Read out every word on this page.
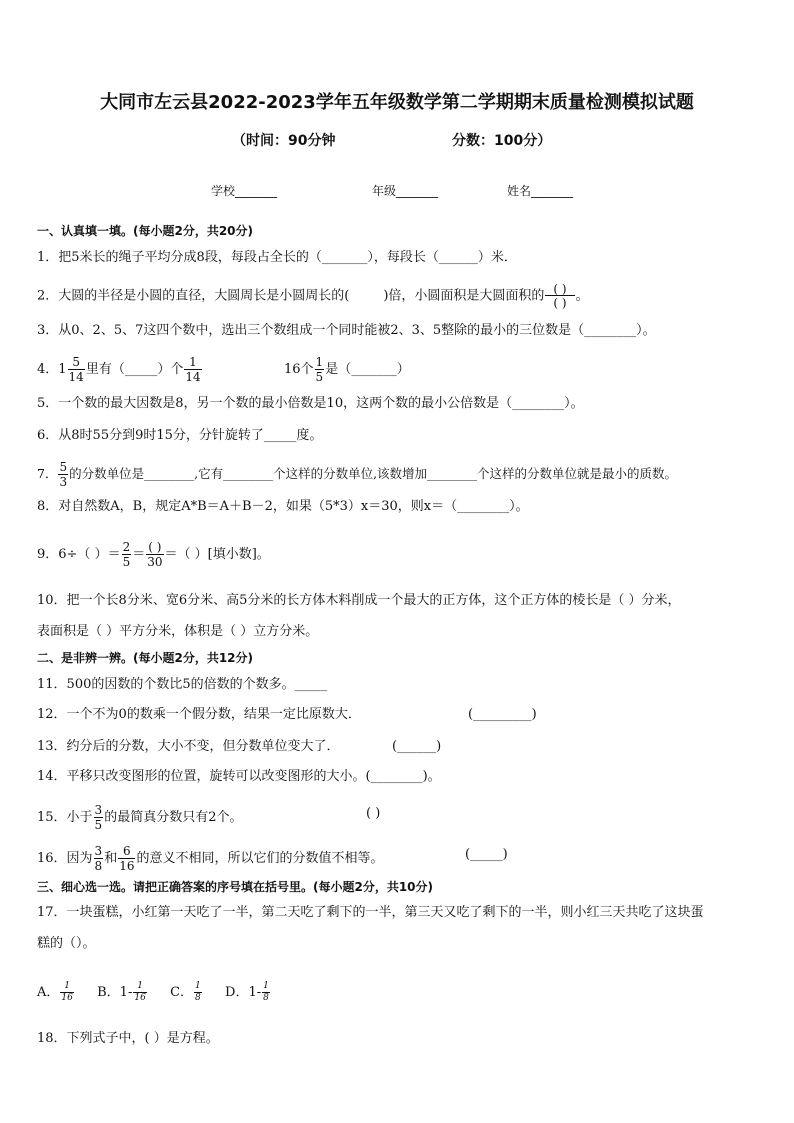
大同市左云县2022-2023学年五年级数学第二学期期末质量检测模拟试题
（时间：90分钟	分数：100分）
学校_______	年级_______	姓名_______
一、认真填一填。(每小题2分，共20分)
1．把5米长的绳子平均分成8段，每段占全长的（_______），每段长（______）米．
2．大圆的半径是小圆的直径，大圆周长是小圆周长的(	)倍，小圆面积是大圆面积的 $\frac{( )}{( )}$ 。
3．从0、2、5、7这四个数中，选出三个数组成一个同时能被2、3、5整除的最小的三位数是（________）。
4．$1 \frac{5}{14}$ 里有（_____）个 $\frac{1}{14}$	16个 $\frac{1}{5}$ 是（_______）
5．一个数的最大因数是8，另一个数的最小倍数是10，这两个数的最小公倍数是（________）。
6．从8时55分到9时15分，分针旋转了_____度。
7． $\frac{5}{3}$ 的分数单位是________,它有________个这样的分数单位,该数增加________个这样的分数单位就是最小的质数。
8．对自然数A，B，规定A*B＝A＋B－2，如果（5*3）x＝30，则x＝（________）。
9．6÷（ ）＝ $\frac{2}{5} = \frac{( )}{30}$ ＝（ ）[填小数]。
10．把一个长8分米、宽6分米、高5分米的长方体木料削成一个最大的正方体，这个正方体的棱长是（ ）分米，
表面积是（ ）平方分米，体积是（ ）立方分米。
二、是非辨一辨。(每小题2分，共12分)
11．500的因数的个数比5的倍数的个数多。_____
12．一个不为0的数乘一个假分数，结果一定比原数大．	(_________)
13．约分后的分数，大小不变，但分数单位变大了．	(______)
14．平移只改变图形的位置，旋转可以改变图形的大小。(________)。
15．小于 $\frac{3}{5}$ 的最简真分数只有2个。	( )
16．因为 $\frac{3}{8}$ 和 $\frac{6}{16}$ 的意义不相同，所以它们的分数值不相等。	(_____)
三、细心选一选。请把正确答案的序号填在括号里。(每小题2分，共10分)
17．一块蛋糕，小红第一天吃了一半，第二天吃了剩下的一半，第三天又吃了剩下的一半，则小红三天共吃了这块蛋
糕的（）。
A． $\frac{1}{16}$ B．$1- \frac{1}{16}$ C． $\frac{1}{8}$ D．$1- \frac{1}{8}$
18．下列式子中，( ）是方程。
